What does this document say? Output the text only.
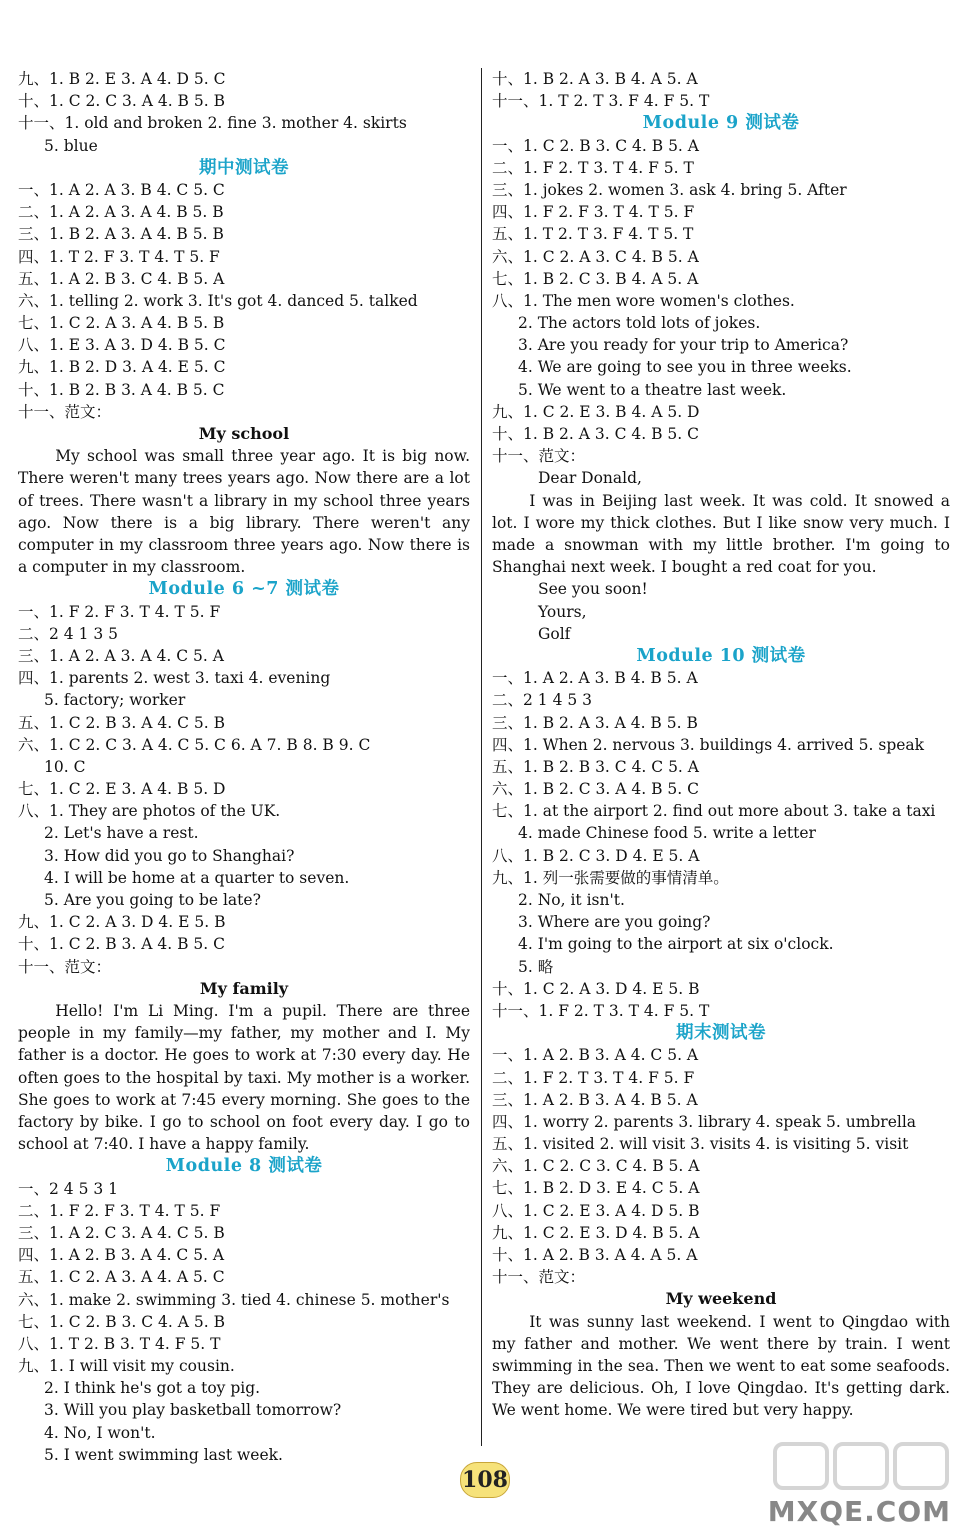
九、1. B 2. E 3. A 4. D 5. C
十、1. C 2. C 3. A 4. B 5. B
十一、1. old and broken 2. fine 3. mother 4. skirts
5. blue
期中测试卷
一、1. A 2. A 3. B 4. C 5. C
二、1. A 2. A 3. A 4. B 5. B
三、1. B 2. A 3. A 4. B 5. B
四、1. T 2. F 3. T 4. T 5. F
五、1. A 2. B 3. C 4. B 5. A
六、1. telling 2. work 3. It's got 4. danced 5. talked
七、1. C 2. A 3. A 4. B 5. B
八、1. E 3. A 3. D 4. B 5. C
九、1. B 2. D 3. A 4. E 5. C
十、1. B 2. B 3. A 4. B 5. C
十一、范文：
My school
My school was small three year ago. It is big now. There weren't many trees years ago. Now there are a lot of trees. There wasn't a library in my school three years ago. Now there is a big library. There weren't any computer in my classroom three years ago. Now there is a computer in my classroom.
Module 6 ~7 测试卷
一、1. F 2. F 3. T 4. T 5. F
二、2 4 1 3 5
三、1. A 2. A 3. A 4. C 5. A
四、1. parents 2. west 3. taxi 4. evening
5. factory; worker
五、1. C 2. B 3. A 4. C 5. B
六、1. C 2. C 3. A 4. C 5. C 6. A 7. B 8. B 9. C
10. C
七、1. C 2. E 3. A 4. B 5. D
八、1. They are photos of the UK.
2. Let's have a rest.
3. How did you go to Shanghai?
4. I will be home at a quarter to seven.
5. Are you going to be late?
九、1. C 2. A 3. D 4. E 5. B
十、1. C 2. B 3. A 4. B 5. C
十一、范文：
My family
Hello! I'm Li Ming. I'm a pupil. There are three people in my family—my father, my mother and I. My father is a doctor. He goes to work at 7:30 every day. He often goes to the hospital by taxi. My mother is a worker. She goes to work at 7:45 every morning. She goes to the factory by bike. I go to school on foot every day. I go to school at 7:40. I have a happy family.
Module 8 测试卷
一、2 4 5 3 1
二、1. F 2. F 3. T 4. T 5. F
三、1. A 2. C 3. A 4. C 5. B
四、1. A 2. B 3. A 4. C 5. A
五、1. C 2. A 3. A 4. A 5. C
六、1. make 2. swimming 3. tied 4. chinese 5. mother's
七、1. C 2. B 3. C 4. A 5. B
八、1. T 2. B 3. T 4. F 5. T
九、1. I will visit my cousin.
2. I think he's got a toy pig.
3. Will you play basketball tomorrow?
4. No, I won't.
5. I went swimming last week.
十、1. B 2. A 3. B 4. A 5. A
十一、1. T 2. T 3. F 4. F 5. T
Module 9 测试卷
一、1. C 2. B 3. C 4. B 5. A
二、1. F 2. T 3. T 4. F 5. T
三、1. jokes 2. women 3. ask 4. bring 5. After
四、1. F 2. F 3. T 4. T 5. F
五、1. T 2. T 3. F 4. T 5. T
六、1. C 2. A 3. C 4. B 5. A
七、1. B 2. C 3. B 4. A 5. A
八、1. The men wore women's clothes.
2. The actors told lots of jokes.
3. Are you ready for your trip to America?
4. We are going to see you in three weeks.
5. We went to a theatre last week.
九、1. C 2. E 3. B 4. A 5. D
十、1. B 2. A 3. C 4. B 5. C
十一、范文：
Dear Donald,
I was in Beijing last week. It was cold. It snowed a lot. I wore my thick clothes. But I like snow very much. I made a snowman with my little brother. I'm going to Shanghai next week. I bought a red coat for you.
See you soon!
Yours,
Golf
Module 10 测试卷
一、1. A 2. A 3. B 4. B 5. A
二、2 1 4 5 3
三、1. B 2. A 3. A 4. B 5. B
四、1. When 2. nervous 3. buildings 4. arrived 5. speak
五、1. B 2. B 3. C 4. C 5. A
六、1. B 2. C 3. A 4. B 5. C
七、1. at the airport 2. find out more about 3. take a taxi
4. made Chinese food 5. write a letter
八、1. B 2. C 3. D 4. E 5. A
九、1. 列一张需要做的事情清单。
2. No, it isn't.
3. Where are you going?
4. I'm going to the airport at six o'clock.
5. 略
十、1. C 2. A 3. D 4. E 5. B
十一、1. F 2. T 3. T 4. F 5. T
期末测试卷
一、1. A 2. B 3. A 4. C 5. A
二、1. F 2. T 3. T 4. F 5. F
三、1. A 2. B 3. A 4. B 5. A
四、1. worry 2. parents 3. library 4. speak 5. umbrella
五、1. visited 2. will visit 3. visits 4. is visiting 5. visit
六、1. C 2. C 3. C 4. B 5. A
七、1. B 2. D 3. E 4. C 5. A
八、1. C 2. E 3. A 4. D 5. B
九、1. C 2. E 3. D 4. B 5. A
十、1. A 2. B 3. A 4. A 5. A
十一、范文：
My weekend
It was sunny last weekend. I went to Qingdao with my father and mother. We went there by train. I went swimming in the sea. Then we went to eat some seafoods. They are delicious. Oh, I love Qingdao. It's getting dark. We went home. We were tired but very happy.
108
MXQE.COM
